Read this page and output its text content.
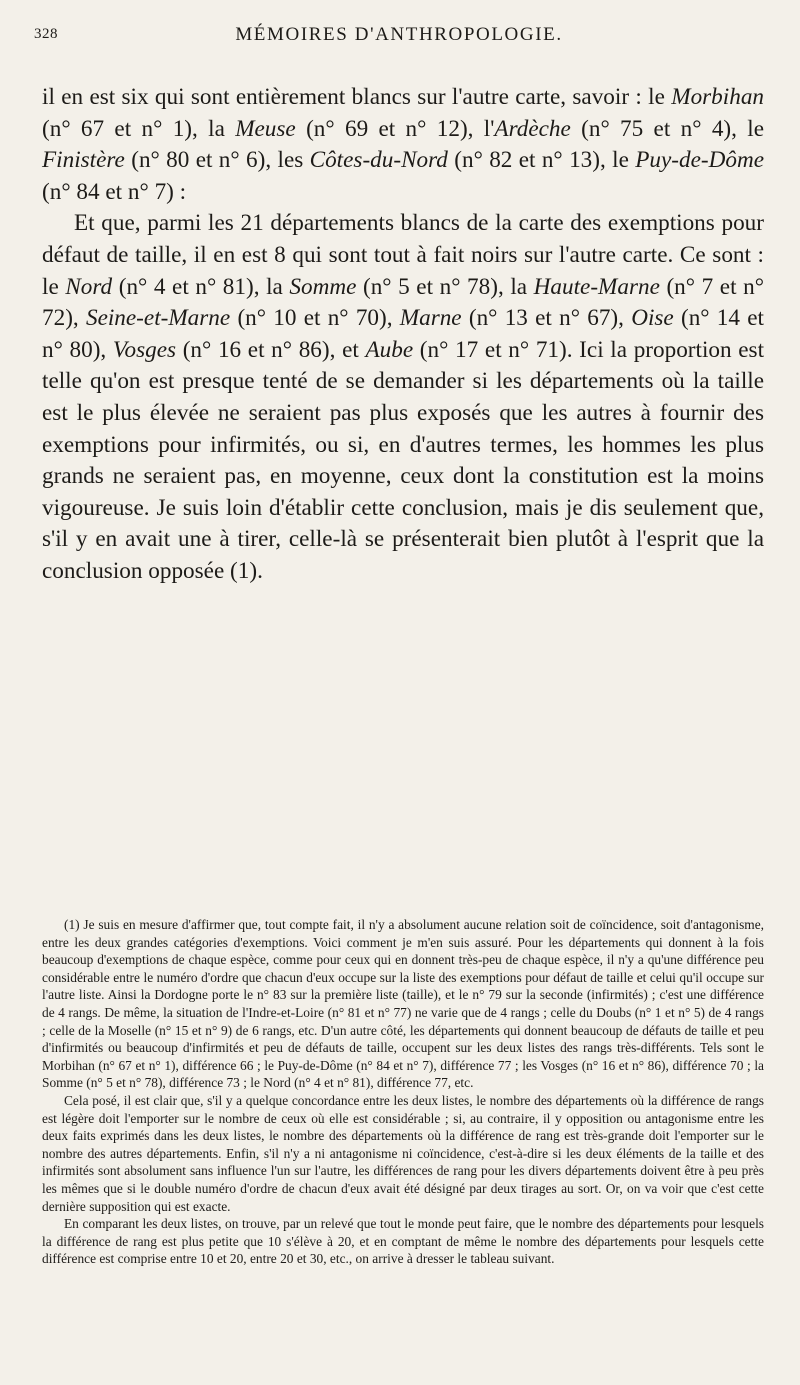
328	MÉMOIRES D'ANTHROPOLOGIE.

il en est six qui sont entièrement blancs sur l'autre carte, savoir : le Morbihan (n° 67 et n° 1), la Meuse (n° 69 et n° 12), l'Ardèche (n° 75 et n° 4), le Finistère (n° 80 et n° 6), les Côtes-du-Nord (n° 82 et n° 13), le Puy-de-Dôme (n° 84 et n° 7) :

Et que, parmi les 21 départements blancs de la carte des exemptions pour défaut de taille, il en est 8 qui sont tout à fait noirs sur l'autre carte. Ce sont : le Nord (n° 4 et n° 81), la Somme (n° 5 et n° 78), la Haute-Marne (n° 7 et n° 72), Seine-et-Marne (n° 10 et n° 70), Marne (n° 13 et n° 67), Oise (n° 14 et n° 80), Vosges (n° 16 et n° 86), et Aube (n° 17 et n° 71). Ici la proportion est telle qu'on est presque tenté de se demander si les départements où la taille est le plus élevée ne seraient pas plus exposés que les autres à fournir des exemptions pour infirmités, ou si, en d'autres termes, les hommes les plus grands ne seraient pas, en moyenne, ceux dont la constitution est la moins vigoureuse. Je suis loin d'établir cette conclusion, mais je dis seulement que, s'il y en avait une à tirer, celle-là se présenterait bien plutôt à l'esprit que la conclusion opposée (1).

(1) Je suis en mesure d'affirmer que, tout compte fait, il n'y a absolument aucune relation soit de coïncidence, soit d'antagonisme, entre les deux grandes catégories d'exemptions. Voici comment je m'en suis assuré. Pour les départements qui donnent à la fois beaucoup d'exemptions de chaque espèce, comme pour ceux qui en donnent très-peu de chaque espèce, il n'y a qu'une différence peu considérable entre le numéro d'ordre que chacun d'eux occupe sur la liste des exemptions pour défaut de taille et celui qu'il occupe sur l'autre liste. Ainsi la Dordogne porte le n° 83 sur la première liste (taille), et le n° 79 sur la seconde (infirmités) ; c'est une différence de 4 rangs. De même, la situation de l'Indre-et-Loire (n° 81 et n° 77) ne varie que de 4 rangs ; celle du Doubs (n° 1 et n° 5) de 4 rangs ; celle de la Moselle (n° 15 et n° 9) de 6 rangs, etc. D'un autre côté, les départements qui donnent beaucoup de défauts de taille et peu d'infirmités ou beaucoup d'infirmités et peu de défauts de taille, occupent sur les deux listes des rangs très-différents. Tels sont le Morbihan (n° 67 et n° 1), différence 66 ; le Puy-de-Dôme (n° 84 et n° 7), différence 77 ; les Vosges (n° 16 et n° 86), différence 70 ; la Somme (n° 5 et n° 78), différence 73 ; le Nord (n° 4 et n° 81), différence 77, etc.

Cela posé, il est clair que, s'il y a quelque concordance entre les deux listes, le nombre des départements où la différence de rangs est légère doit l'emporter sur le nombre de ceux où elle est considérable ; si, au contraire, il y opposition ou antagonisme entre les deux faits exprimés dans les deux listes, le nombre des départements où la différence de rang est très-grande doit l'emporter sur le nombre des autres départements. Enfin, s'il n'y a ni antagonisme ni coïncidence, c'est-à-dire si les deux éléments de la taille et des infirmités sont absolument sans influence l'un sur l'autre, les différences de rang pour les divers départements doivent être à peu près les mêmes que si le double numéro d'ordre de chacun d'eux avait été désigné par deux tirages au sort. Or, on va voir que c'est cette dernière supposition qui est exacte.

En comparant les deux listes, on trouve, par un relevé que tout le monde peut faire, que le nombre des départements pour lesquels la différence de rang est plus petite que 10 s'élève à 20, et en comptant de même le nombre des départements pour lesquels cette différence est comprise entre 10 et 20, entre 20 et 30, etc., on arrive à dresser le tableau suivant.
